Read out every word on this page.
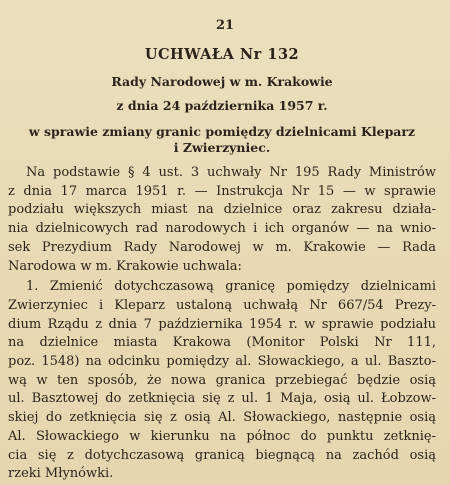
21
UCHWAŁA Nr 132
Rady Narodowej w m. Krakowie
z dnia 24 października 1957 r.
w sprawie zmiany granic pomiędzy dzielnicami Kleparz
i Zwierzyniec.

Na podstawie § 4 ust. 3 uchwały Nr 195 Rady Ministrów
z dnia 17 marca 1951 r. — Instrukcja Nr 15 — w sprawie
podziału większych miast na dzielnice oraz zakresu działa-
nia dzielnicowych rad narodowych i ich organów — na wnio-
sek Prezydium Rady Narodowej w m. Krakowie — Rada
Narodowa w m. Krakowie uchwala:

1. Zmienić dotychczasową granicę pomiędzy dzielnicami
Zwierzyniec i Kleparz ustaloną uchwałą Nr 667/54 Prezy-
dium Rządu z dnia 7 października 1954 r. w sprawie podziału
na dzielnice miasta Krakowa (Monitor Polski Nr 111,
poz. 1548) na odcinku pomiędzy al. Słowackiego, a ul. Baszto-
wą w ten sposób, że nowa granica przebiegać będzie osią
ul. Basztowej do zetknięcia się z ul. 1 Maja, osią ul. Łobzow-
skiej do zetknięcia się z osią Al. Słowackiego, następnie osią
Al. Słowackiego w kierunku na północ do punktu zetknię-
cia się z dotychczasową granicą biegnącą na zachód osią
rzeki Młynówki.
